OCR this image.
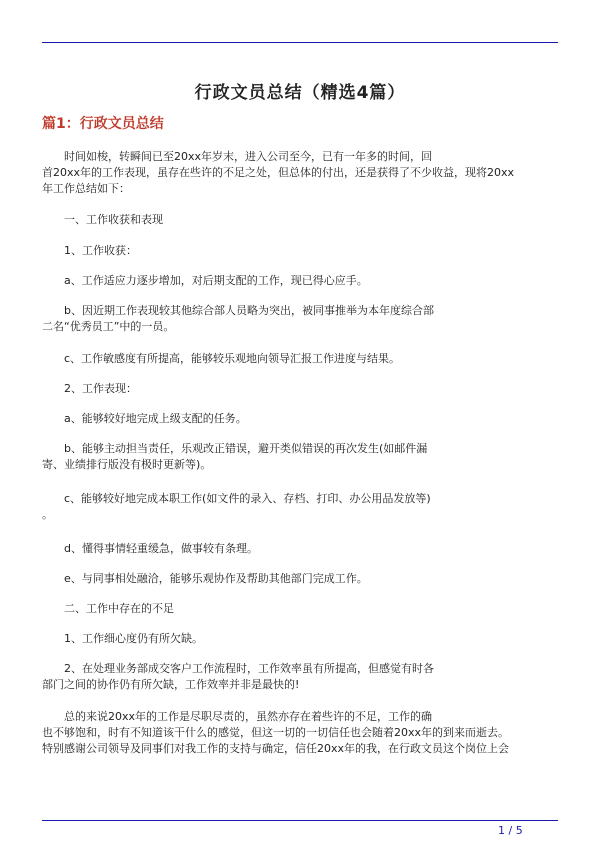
行政文员总结（精选4篇）
篇1：行政文员总结
时间如梭，转瞬间已至20xx年岁末，进入公司至今，已有一年多的时间，回
首20xx年的工作表现，虽存在些许的不足之处，但总体的付出，还是获得了不少收益，现将20xx
年工作总结如下：
一、工作收获和表现
1、工作收获：
a、工作适应力逐步增加，对后期支配的工作，现已得心应手。
b、因近期工作表现较其他综合部人员略为突出，被同事推举为本年度综合部
二名“优秀员工”中的一员。
c、工作敏感度有所提高，能够较乐观地向领导汇报工作进度与结果。
2、工作表现：
a、能够较好地完成上级支配的任务。
b、能够主动担当责任，乐观改正错误，避开类似错误的再次发生(如邮件漏
寄、业绩排行版没有极时更新等)。
c、能够较好地完成本职工作(如文件的录入、存档、打印、办公用品发放等)
。
d、懂得事情轻重缓急，做事较有条理。
e、与同事相处融洽，能够乐观协作及帮助其他部门完成工作。
二、工作中存在的不足
1、工作细心度仍有所欠缺。
2、在处理业务部成交客户工作流程时，工作效率虽有所提高，但感觉有时各
部门之间的协作仍有所欠缺，工作效率并非是最快的!
总的来说20xx年的工作是尽职尽责的，虽然亦存在着些许的不足，工作的确
也不够饱和，时有不知道该干什么的感觉，但这一切的一切信任也会随着20xx年的到来而逝去。
特别感谢公司领导及同事们对我工作的支持与确定，信任20xx年的我，在行政文员这个岗位上会
1 / 5
